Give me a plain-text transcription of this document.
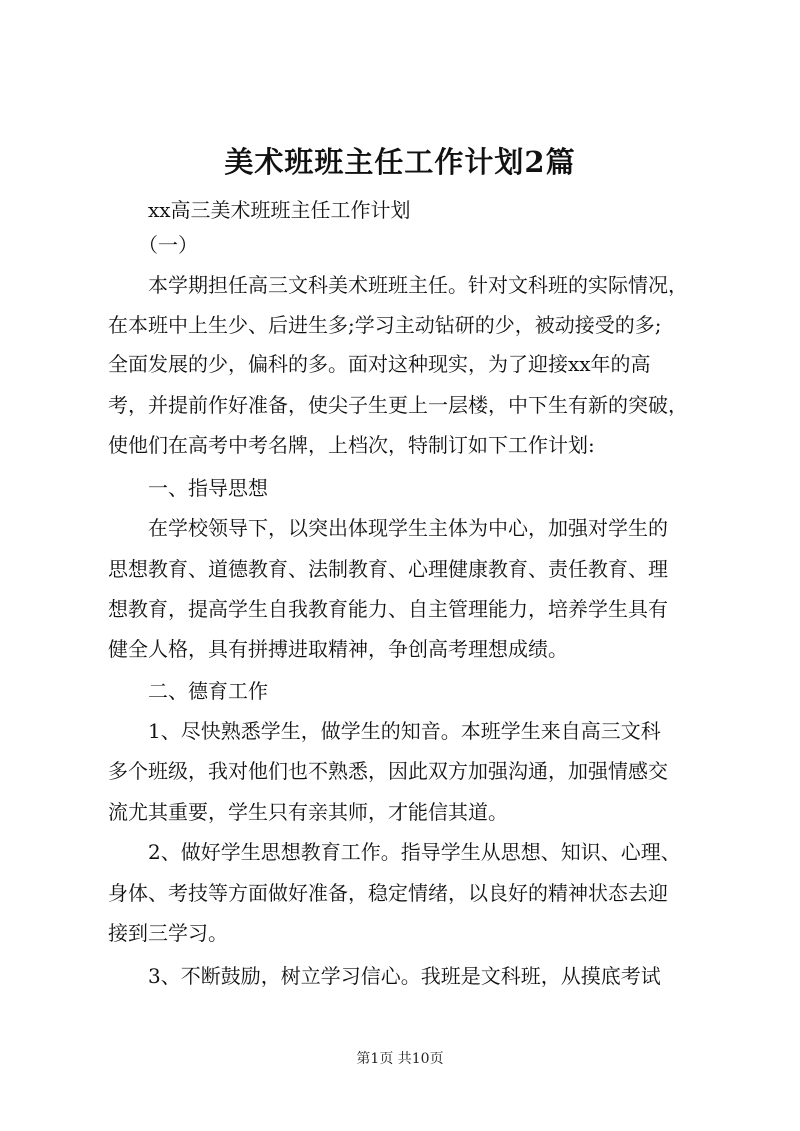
美术班班主任工作计划2篇
　　xx高三美术班班主任工作计划
　　（一）
　　本学期担任高三文科美术班班主任。针对文科班的实际情况，
在本班中上生少、后进生多;学习主动钻研的少，被动接受的多;
全面发展的少，偏科的多。面对这种现实，为了迎接xx年的高
考，并提前作好准备，使尖子生更上一层楼，中下生有新的突破，
使他们在高考中考名牌，上档次，特制订如下工作计划:
　　一、指导思想
　　在学校领导下，以突出体现学生主体为中心，加强对学生的
思想教育、道德教育、法制教育、心理健康教育、责任教育、理
想教育，提高学生自我教育能力、自主管理能力，培养学生具有
健全人格，具有拼搏进取精神，争创高考理想成绩。
　　二、德育工作
　　1、尽快熟悉学生，做学生的知音。本班学生来自高三文科
多个班级，我对他们也不熟悉，因此双方加强沟通，加强情感交
流尤其重要，学生只有亲其师，才能信其道。
　　2、做好学生思想教育工作。指导学生从思想、知识、心理、
身体、考技等方面做好准备，稳定情绪，以良好的精神状态去迎
接到三学习。
　　3、不断鼓励，树立学习信心。我班是文科班，从摸底考试
第1页 共10页
